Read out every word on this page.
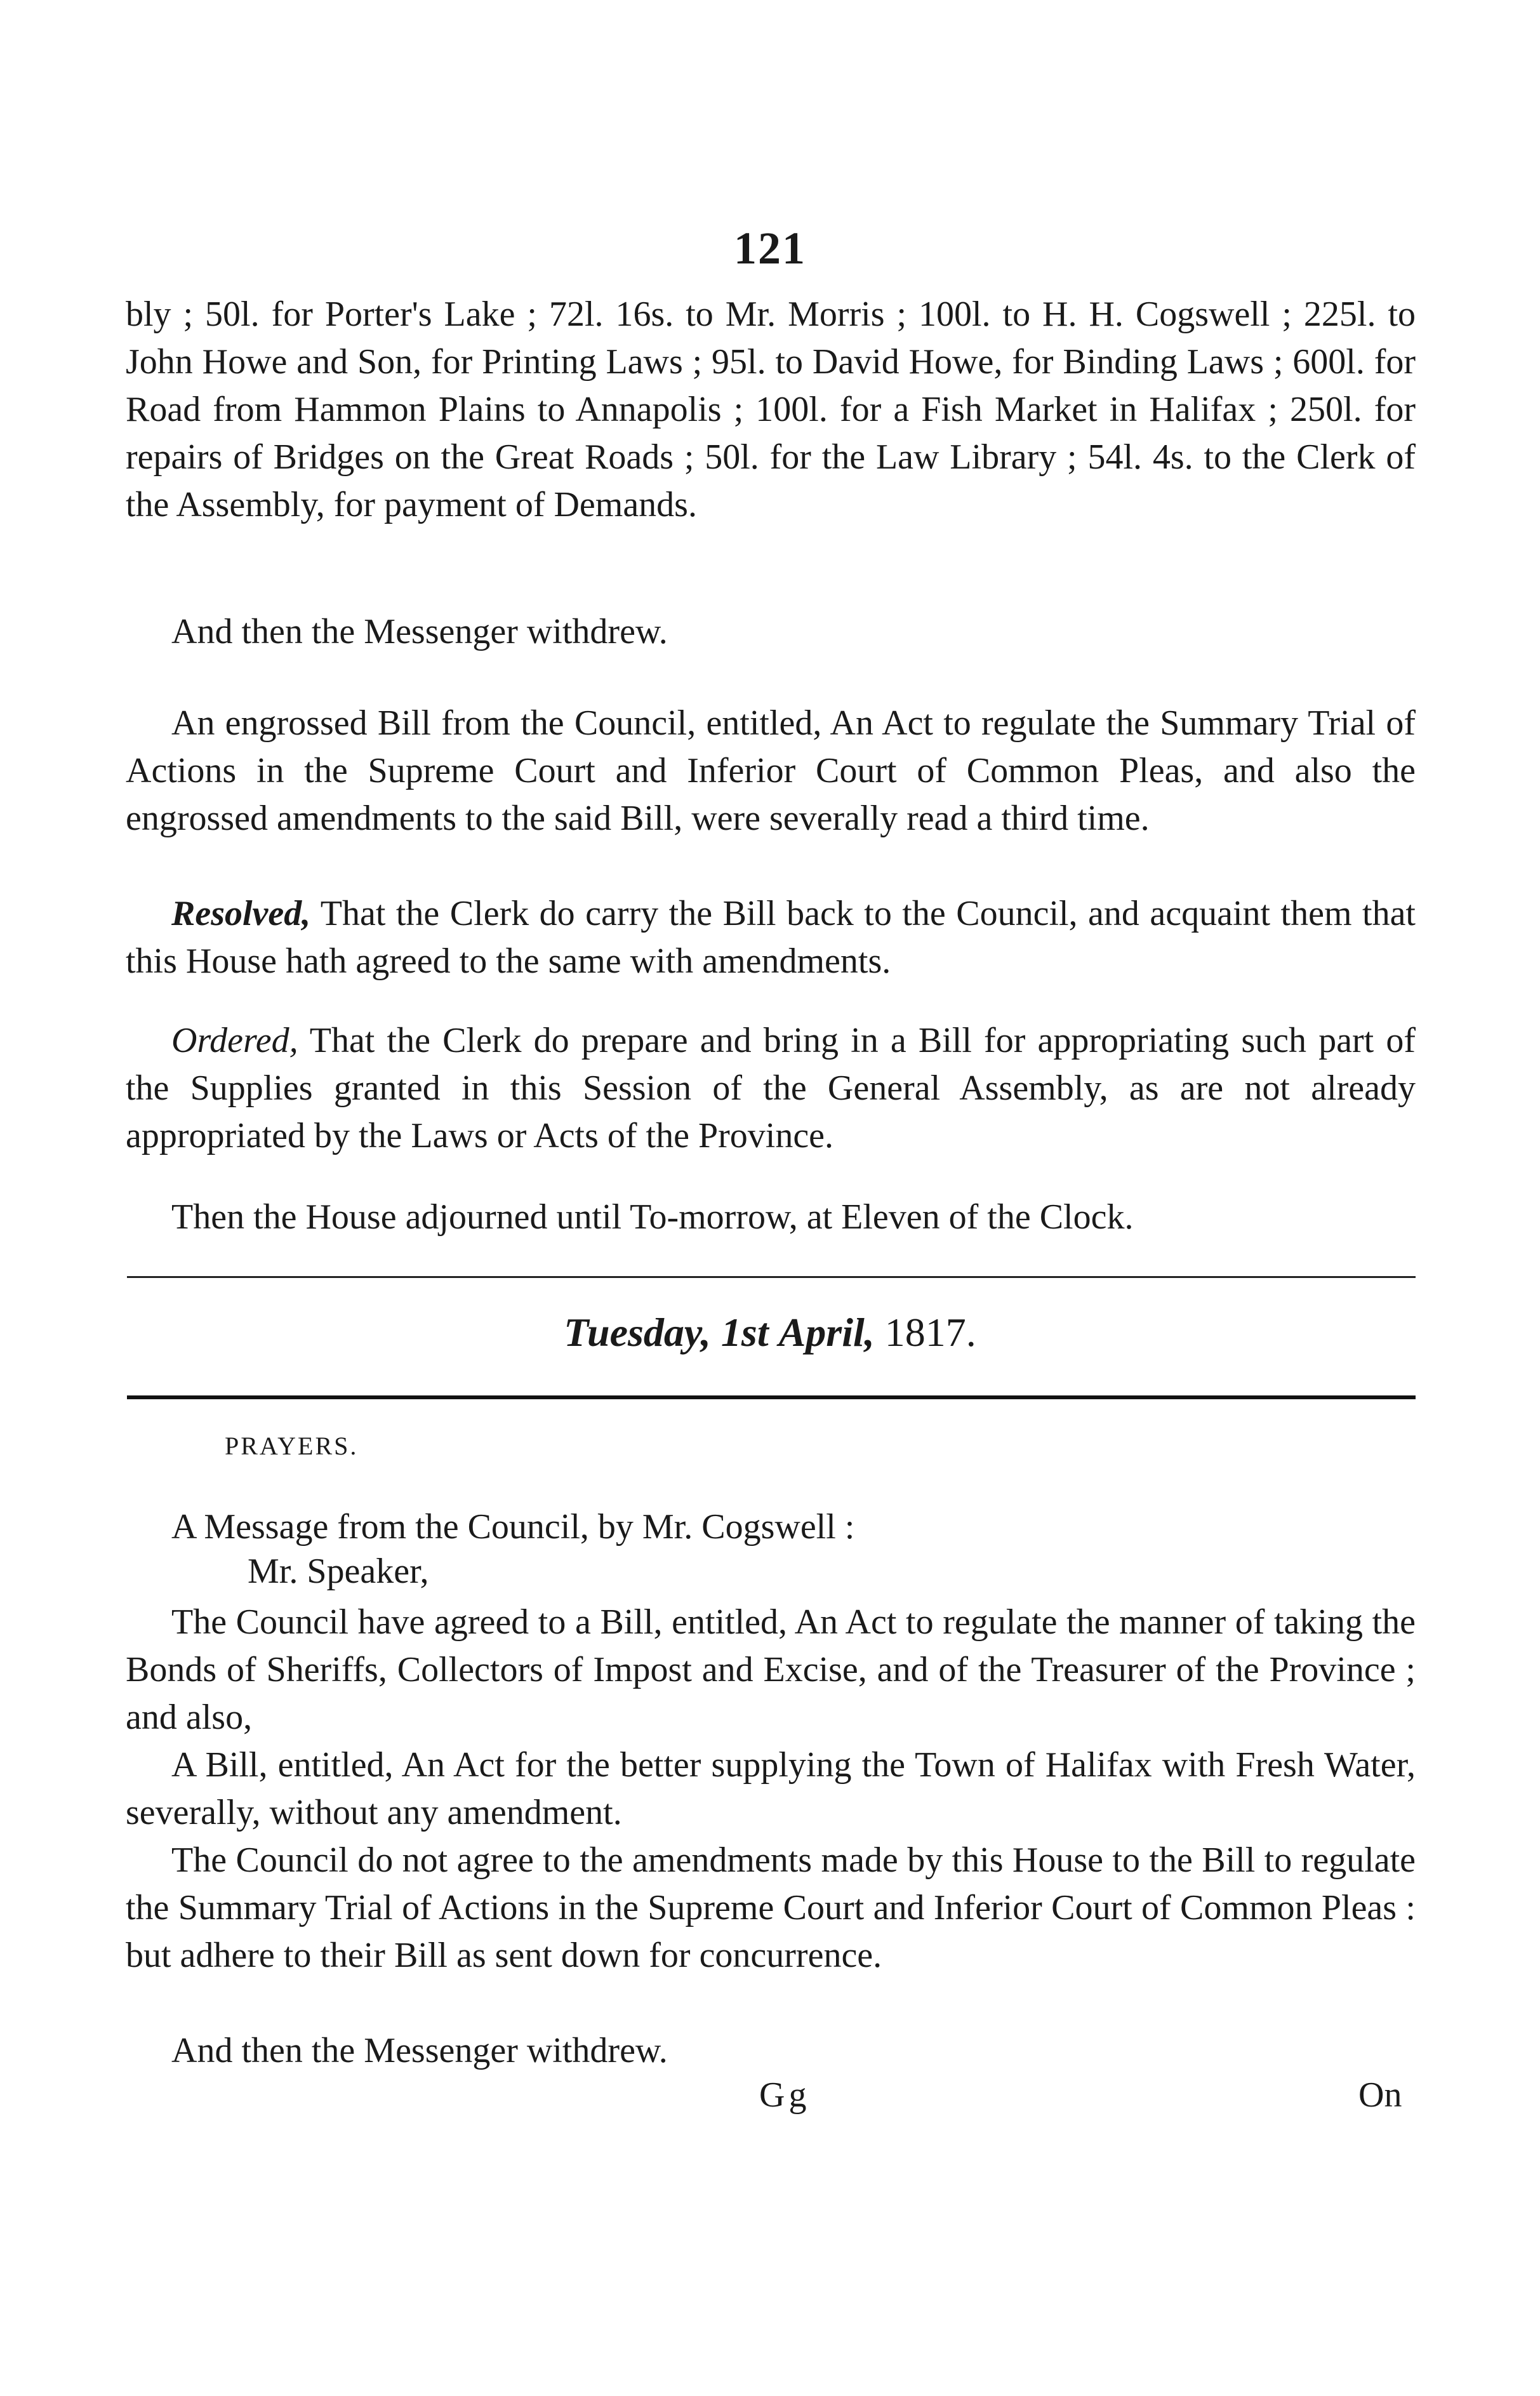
121

bly ; 50l. for Porter's Lake ; 72l. 16s. to Mr. Morris ; 100l. to H. H. Cogswell ; 225l. to John Howe and Son, for Printing Laws ; 95l. to David Howe, for Binding Laws ; 600l. for Road from Hammon Plains to Annapolis ; 100l. for a Fish Market in Halifax ; 250l. for repairs of Bridges on the Great Roads ; 50l. for the Law Library ; 54l. 4s. to the Clerk of the Assembly, for payment of Demands.

And then the Messenger withdrew.

An engrossed Bill from the Council, entitled, An Act to regulate the Summary Trial of Actions in the Supreme Court and Inferior Court of Common Pleas, and also the engrossed amendments to the said Bill, were severally read a third time.

Resolved, That the Clerk do carry the Bill back to the Council, and acquaint them that this House hath agreed to the same with amendments.

Ordered, That the Clerk do prepare and bring in a Bill for appropriating such part of the Supplies granted in this Session of the General Assembly, as are not already appropriated by the Laws or Acts of the Province.

Then the House adjourned until To-morrow, at Eleven of the Clock.

Tuesday, 1st April, 1817.
PRAYERS.

A Message from the Council, by Mr. Cogswell :

Mr. Speaker,

The Council have agreed to a Bill, entitled, An Act to regulate the manner of taking the Bonds of Sheriffs, Collectors of Impost and Excise, and of the Treasurer of the Province ; and also,

A Bill, entitled, An Act for the better supplying the Town of Halifax with Fresh Water, severally, without any amendment.

The Council do not agree to the amendments made by this House to the Bill to regulate the Summary Trial of Actions in the Supreme Court and Inferior Court of Common Pleas : but adhere to their Bill as sent down for concurrence.

And then the Messenger withdrew.

Gg	On
